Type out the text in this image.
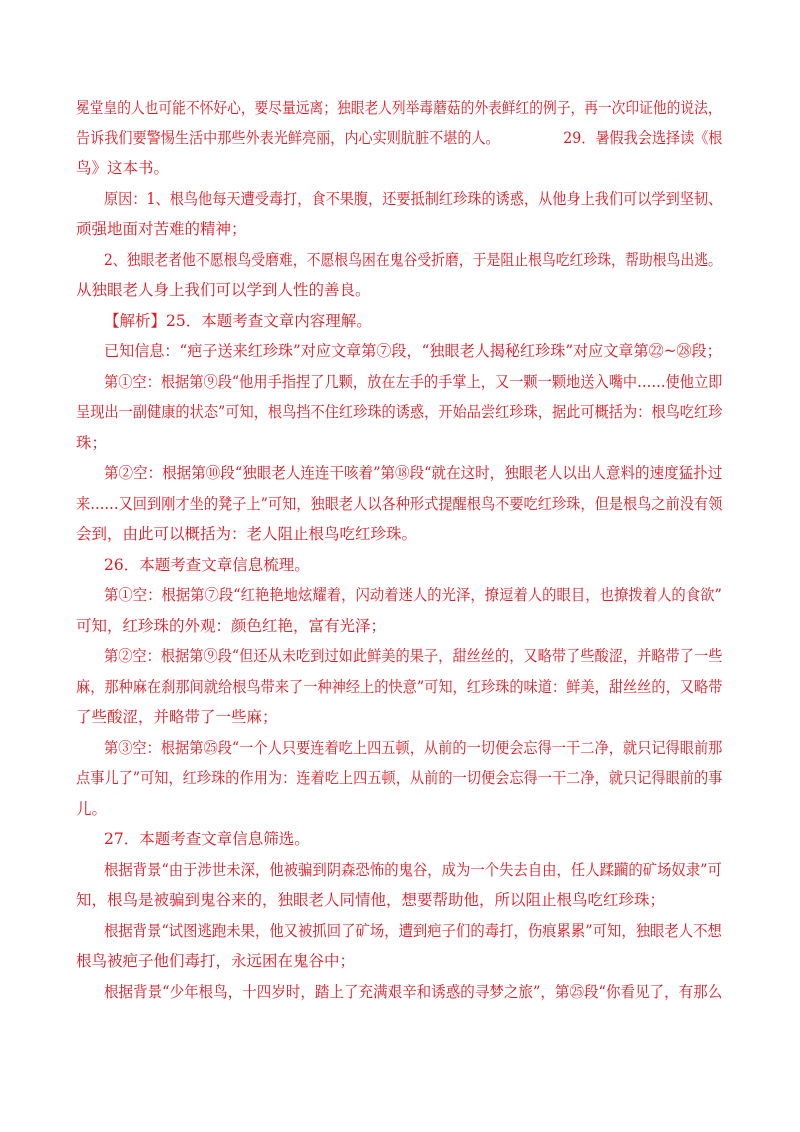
冕堂皇的人也可能不怀好心，要尽量远离；独眼老人列举毒蘑菇的外表鲜红的例子，再一次印证他的说法，
告诉我们要警惕生活中那些外表光鲜亮丽，内心实则肮脏不堪的人。　　　　　29．暑假我会选择读《根
鸟》这本书。
原因：1、根鸟他每天遭受毒打，食不果腹，还要抵制红珍珠的诱惑，从他身上我们可以学到坚韧、
顽强地面对苦难的精神；
2、独眼老者他不愿根鸟受磨难，不愿根鸟困在鬼谷受折磨，于是阻止根鸟吃红珍珠，帮助根鸟出逃。
从独眼老人身上我们可以学到人性的善良。
【解析】25．本题考查文章内容理解。
已知信息：“疤子送来红珍珠”对应文章第⑦段，“独眼老人揭秘红珍珠”对应文章第㉒~㉘段；
第①空：根据第⑨段“他用手指捏了几颗，放在左手的手掌上，又一颗一颗地送入嘴中……使他立即
呈现出一副健康的状态”可知，根鸟挡不住红珍珠的诱惑，开始品尝红珍珠，据此可概括为：根鸟吃红珍
珠；
第②空：根据第⑩段“独眼老人连连干咳着”第⑱段“就在这时，独眼老人以出人意料的速度猛扑过
来……又回到刚才坐的凳子上”可知，独眼老人以各种形式提醒根鸟不要吃红珍珠，但是根鸟之前没有领
会到，由此可以概括为：老人阻止根鸟吃红珍珠。
26．本题考查文章信息梳理。
第①空：根据第⑦段“红艳艳地炫耀着，闪动着迷人的光泽，撩逗着人的眼目，也撩拨着人的食欲”
可知，红珍珠的外观：颜色红艳，富有光泽；
第②空：根据第⑨段“但还从未吃到过如此鲜美的果子，甜丝丝的，又略带了些酸涩，并略带了一些
麻，那种麻在刹那间就给根鸟带来了一种神经上的快意”可知，红珍珠的味道：鲜美，甜丝丝的，又略带
了些酸涩，并略带了一些麻；
第③空：根据第㉕段“一个人只要连着吃上四五顿，从前的一切便会忘得一干二净，就只记得眼前那
点事儿了”可知，红珍珠的作用为：连着吃上四五顿，从前的一切便会忘得一干二净，就只记得眼前的事
儿。
27．本题考查文章信息筛选。
根据背景“由于涉世未深，他被骗到阴森恐怖的鬼谷，成为一个失去自由，任人蹂躏的矿场奴隶”可
知，根鸟是被骗到鬼谷来的，独眼老人同情他，想要帮助他，所以阻止根鸟吃红珍珠；
根据背景“试图逃跑未果，他又被抓回了矿场，遭到疤子们的毒打，伤痕累累”可知，独眼老人不想
根鸟被疤子他们毒打，永远困在鬼谷中；
根据背景“少年根鸟，十四岁时，踏上了充满艰辛和诱惑的寻梦之旅”，第㉕段“你看见了，有那么
